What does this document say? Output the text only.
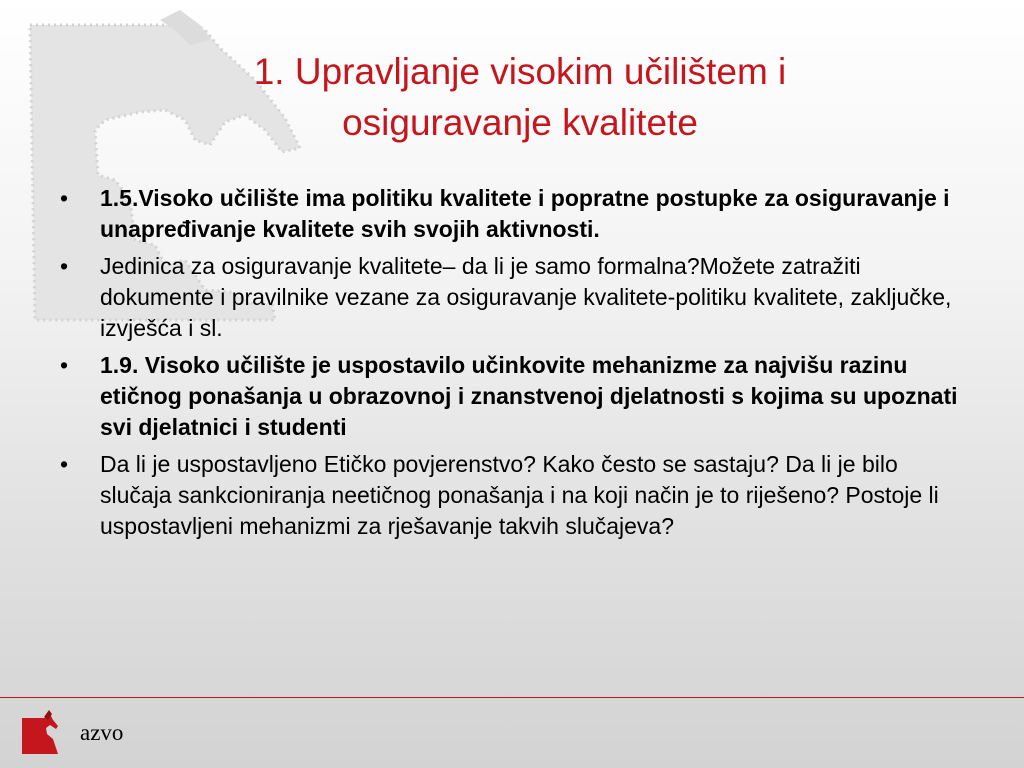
1. Upravljanje visokim učilištem i
osiguravanje kvalitete
• 1.5.Visoko učilište ima politiku kvalitete i popratne postupke za osiguravanje i unapređivanje kvalitete svih svojih aktivnosti.
• Jedinica za osiguravanje kvalitete– da li je samo formalna?Možete zatražiti dokumente i pravilnike vezane za osiguravanje kvalitete-politiku kvalitete, zaključke, izvješća i sl.
• 1.9. Visoko učilište je uspostavilo učinkovite mehanizme za najvišu razinu etičnog ponašanja u obrazovnoj i znanstvenoj djelatnosti s kojima su upoznati svi djelatnici i studenti
• Da li je uspostavljeno Etičko povjerenstvo? Kako često se sastaju? Da li je bilo slučaja sankcioniranja neetičnog ponašanja i na koji način je to riješeno? Postoje li uspostavljeni mehanizmi za rješavanje takvih slučajeva?
azvo
